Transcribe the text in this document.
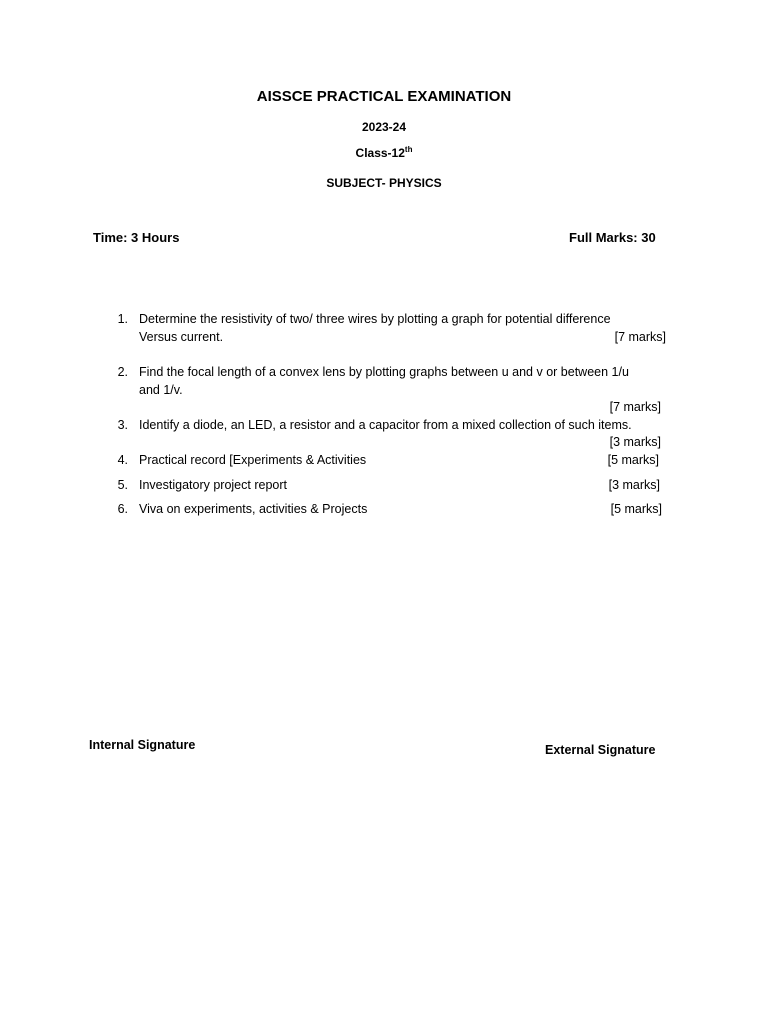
AISSCE PRACTICAL EXAMINATION
2023-24
Class-12th
SUBJECT- PHYSICS
Time: 3 Hours	Full Marks: 30
1. Determine the resistivity of two/ three wires by plotting a graph for potential difference
Versus current.	[7 marks]
2. Find the focal length of a convex lens by plotting graphs between u and v or between 1/u
and 1/v.
[7 marks]
3. Identify a diode, an LED, a resistor and a capacitor from a mixed collection of such items.
[3 marks]
4. Practical record [Experiments & Activities	[5 marks]
5. Investigatory project report	[3 marks]
6. Viva on experiments, activities & Projects	[5 marks]
Internal Signature	External Signature
